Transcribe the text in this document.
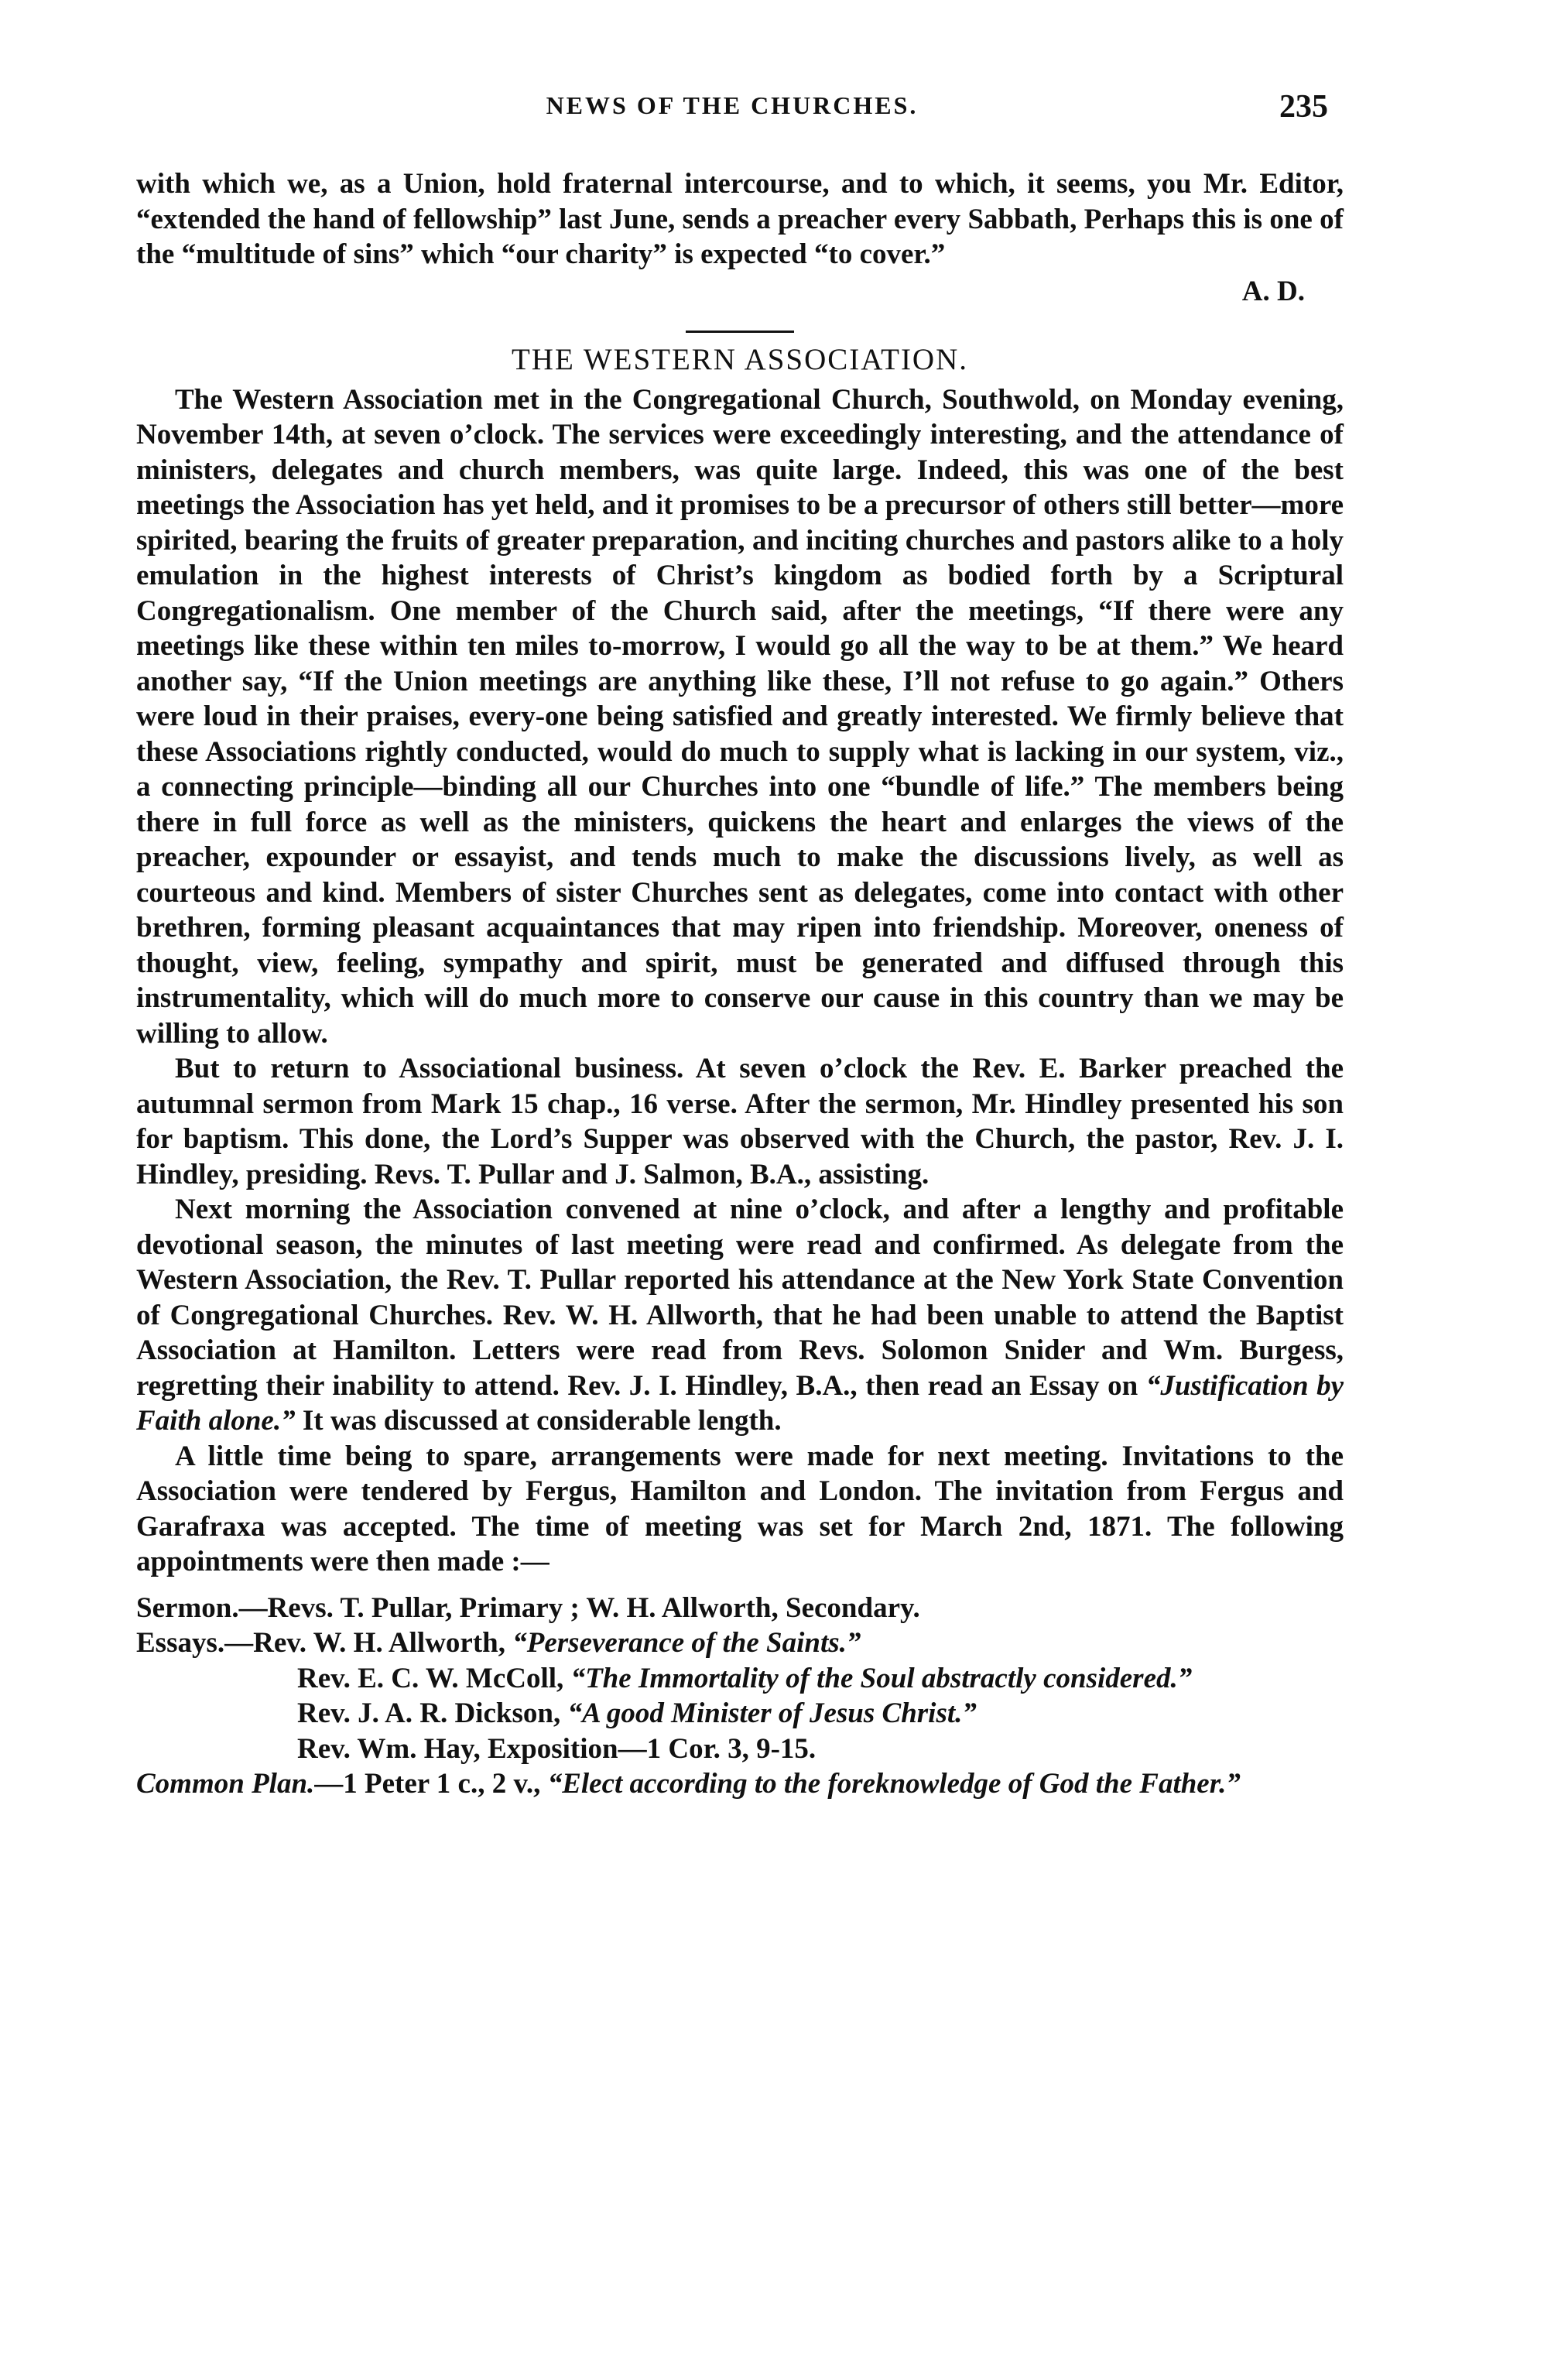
NEWS OF THE CHURCHES.	235

with which we, as a Union, hold fraternal intercourse, and to which, it seems, you Mr. Editor, “extended the hand of fellowship” last June, sends a preacher every Sabbath, Perhaps this is one of the “multitude of sins” which “our charity” is expected “to cover.”

A. D.

THE WESTERN ASSOCIATION.

The Western Association met in the Congregational Church, Southwold, on Monday evening, November 14th, at seven o’clock. The services were exceedingly interesting, and the attendance of ministers, delegates and church members, was quite large. Indeed, this was one of the best meetings the Association has yet held, and it promises to be a precursor of others still better—more spirited, bearing the fruits of greater preparation, and inciting churches and pastors alike to a holy emulation in the highest interests of Christ’s kingdom as bodied forth by a Scriptural Congregationalism. One member of the Church said, after the meetings, “If there were any meetings like these within ten miles to-morrow, I would go all the way to be at them.” We heard another say, “If the Union meetings are anything like these, I’ll not refuse to go again.” Others were loud in their praises, every-one being satisfied and greatly interested. We firmly believe that these Associations rightly conducted, would do much to supply what is lacking in our system, viz., a connecting principle—binding all our Churches into one “bundle of life.” The members being there in full force as well as the ministers, quickens the heart and enlarges the views of the preacher, expounder or essayist, and tends much to make the discussions lively, as well as courteous and kind. Members of sister Churches sent as delegates, come into contact with other brethren, forming pleasant acquaintances that may ripen into friendship. Moreover, oneness of thought, view, feeling, sympathy and spirit, must be generated and diffused through this instrumentality, which will do much more to conserve our cause in this country than we may be willing to allow.

But to return to Associational business. At seven o’clock the Rev. E. Barker preached the autumnal sermon from Mark 15 chap., 16 verse. After the sermon, Mr. Hindley presented his son for baptism. This done, the Lord’s Supper was observed with the Church, the pastor, Rev. J. I. Hindley, presiding. Revs. T. Pullar and J. Salmon, B.A., assisting.

Next morning the Association convened at nine o’clock, and after a lengthy and profitable devotional season, the minutes of last meeting were read and confirmed. As delegate from the Western Association, the Rev. T. Pullar reported his attendance at the New York State Convention of Congregational Churches. Rev. W. H. Allworth, that he had been unable to attend the Baptist Association at Hamilton. Letters were read from Revs. Solomon Snider and Wm. Burgess, regretting their inability to attend. Rev. J. I. Hindley, B.A., then read an Essay on “Justification by Faith alone.” It was discussed at considerable length.

A little time being to spare, arrangements were made for next meeting. Invitations to the Association were tendered by Fergus, Hamilton and London. The invitation from Fergus and Garafraxa was accepted. The time of meeting was set for March 2nd, 1871. The following appointments were then made :—

Sermon.—Revs. T. Pullar, Primary ; W. H. Allworth, Secondary.

Essays.—Rev. W. H. Allworth, “Perseverance of the Saints.”

Rev. E. C. W. McColl, “The Immortality of the Soul abstractly considered.”

Rev. J. A. R. Dickson, “A good Minister of Jesus Christ.”

Rev. Wm. Hay, Exposition—1 Cor. 3, 9-15.

Common Plan.—1 Peter 1 c., 2 v., “Elect according to the foreknowledge of God the Father.”
